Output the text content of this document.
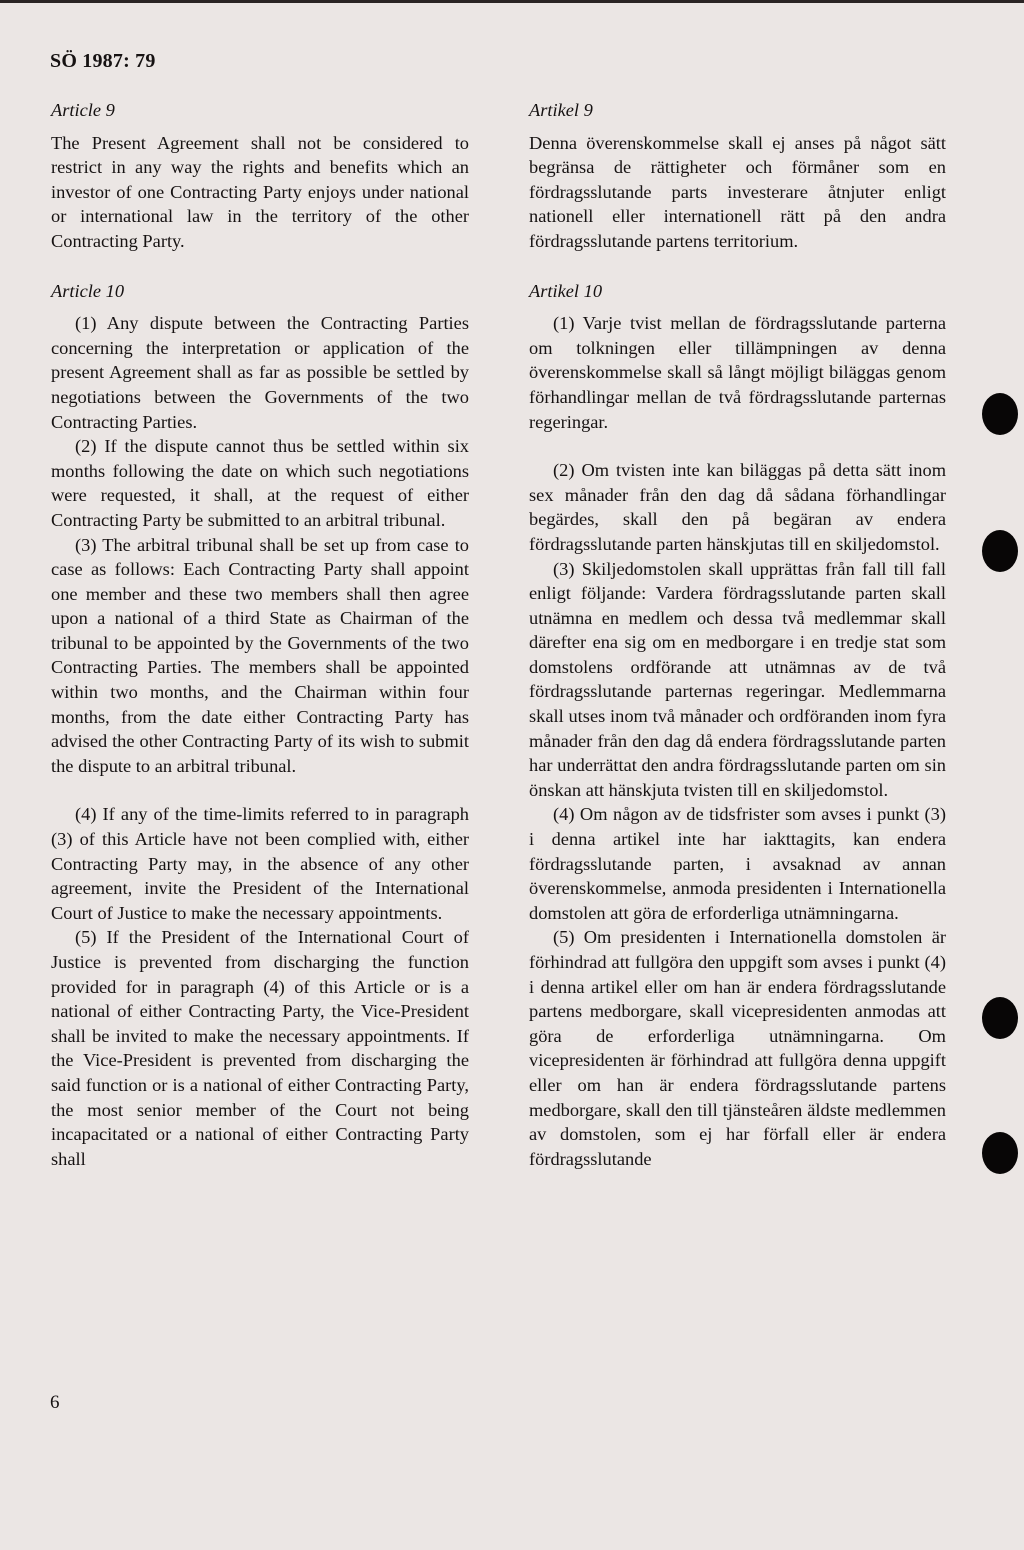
SÖ 1987: 79
Article 9

The Present Agreement shall not be considered to restrict in any way the rights and benefits which an investor of one Contracting Party enjoys under national or international law in the territory of the other Contracting Party.

Article 10

(1) Any dispute between the Contracting Parties concerning the interpretation or application of the present Agreement shall as far as possible be settled by negotiations between the Governments of the two Contracting Parties.

(2) If the dispute cannot thus be settled within six months following the date on which such negotiations were requested, it shall, at the request of either Contracting Party be submitted to an arbitral tribunal.

(3) The arbitral tribunal shall be set up from case to case as follows: Each Contracting Party shall appoint one member and these two members shall then agree upon a national of a third State as Chairman of the tribunal to be appointed by the Governments of the two Contracting Parties. The members shall be appointed within two months, and the Chairman within four months, from the date either Contracting Party has advised the other Contracting Party of its wish to submit the dispute to an arbitral tribunal.

(4) If any of the time-limits referred to in paragraph (3) of this Article have not been complied with, either Contracting Party may, in the absence of any other agreement, invite the President of the International Court of Justice to make the necessary appointments.

(5) If the President of the International Court of Justice is prevented from discharging the function provided for in paragraph (4) of this Article or is a national of either Contracting Party, the Vice-President shall be invited to make the necessary appointments. If the Vice-President is prevented from discharging the said function or is a national of either Contracting Party, the most senior member of the Court not being incapacitated or a national of either Contracting Party shall

Artikel 9

Denna överenskommelse skall ej anses på något sätt begränsa de rättigheter och förmåner som en fördragsslutande parts investerare åtnjuter enligt nationell eller internationell rätt på den andra fördragsslutande partens territorium.

Artikel 10

(1) Varje tvist mellan de fördragsslutande parterna om tolkningen eller tillämpningen av denna överenskommelse skall så långt möjligt biläggas genom förhandlingar mellan de två fördragsslutande parternas regeringar.

(2) Om tvisten inte kan biläggas på detta sätt inom sex månader från den dag då sådana förhandlingar begärdes, skall den på begäran av endera fördragsslutande parten hänskjutas till en skiljedomstol.

(3) Skiljedomstolen skall upprättas från fall till fall enligt följande: Vardera fördragsslutande parten skall utnämna en medlem och dessa två medlemmar skall därefter ena sig om en medborgare i en tredje stat som domstolens ordförande att utnämnas av de två fördragsslutande parternas regeringar. Medlemmarna skall utses inom två månader och ordföranden inom fyra månader från den dag då endera fördragsslutande parten har underrättat den andra fördragsslutande parten om sin önskan att hänskjuta tvisten till en skiljedomstol.

(4) Om någon av de tidsfrister som avses i punkt (3) i denna artikel inte har iakttagits, kan endera fördragsslutande parten, i avsaknad av annan överenskommelse, anmoda presidenten i Internationella domstolen att göra de erforderliga utnämningarna.

(5) Om presidenten i Internationella domstolen är förhindrad att fullgöra den uppgift som avses i punkt (4) i denna artikel eller om han är endera fördragsslutande partens medborgare, skall vicepresidenten anmodas att göra de erforderliga utnämningarna. Om vicepresidenten är förhindrad att fullgöra denna uppgift eller om han är endera fördragsslutande partens medborgare, skall den till tjänsteåren äldste medlemmen av domstolen, som ej har förfall eller är endera fördragsslutande

6
